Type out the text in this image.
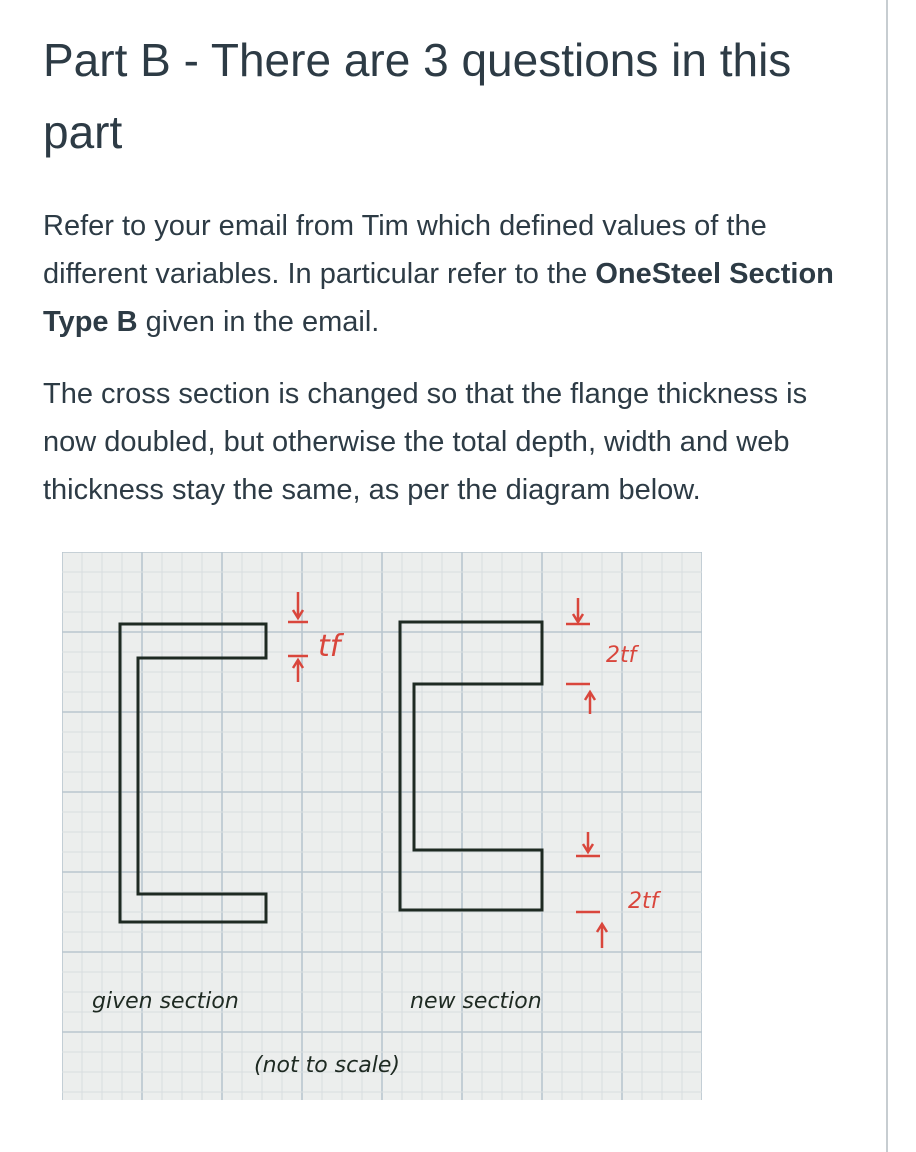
Part B - There are 3 questions in this part

Refer to your email from Tim which defined values of the different variables. In particular refer to the OneSteel Section Type B given in the email.

The cross section is changed so that the flange thickness is now doubled, but otherwise the total depth, width and web thickness stay the same, as per the diagram below.

tf	2tf
2tf
given section	new section
(not to scale)
